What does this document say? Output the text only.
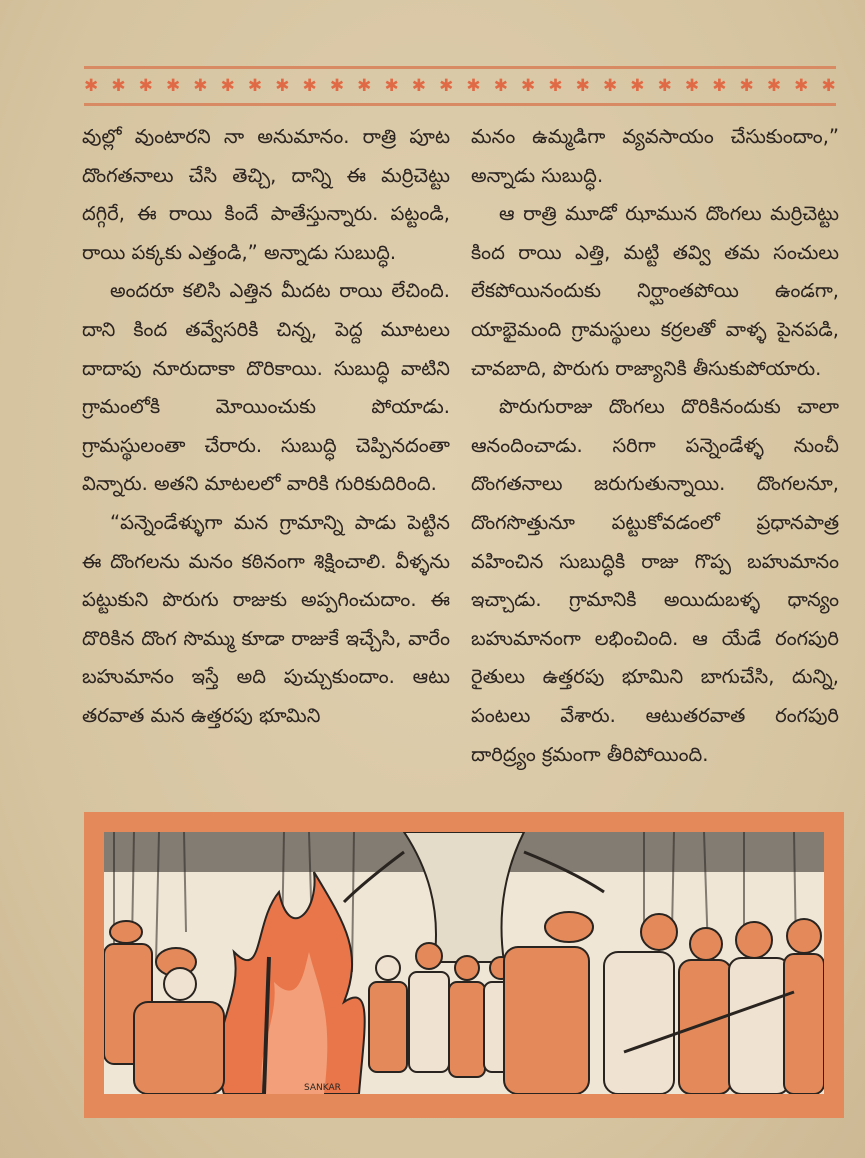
✱ ✱ ✱ ✱ ✱ ✱ ✱ ✱ ✱ ✱ ✱ ✱ ✱ ✱ ✱ ✱ ✱ ✱ ✱ ✱ ✱ ✱ ✱ ✱ ✱ ✱ ✱ ✱

వుల్లో వుంటారని నా అనుమానం. రాత్రి పూట దొంగతనాలు చేసి తెచ్చి, దాన్ని ఈ మర్రిచెట్టు దగ్గిరే, ఈ రాయి కిందే పాతేస్తున్నారు. పట్టండి, రాయి పక్కకు ఎత్తండి,” అన్నాడు సుబుద్ధి.

అందరూ కలిసి ఎత్తిన మీదట రాయి లేచింది. దాని కింద తవ్వేసరికి చిన్న, పెద్ద మూటలు దాదాపు నూరుదాకా దొరికాయి. సుబుద్ధి వాటిని గ్రామంలోకి మోయించుకు పోయాడు. గ్రామస్థులంతా చేరారు. సుబుద్ధి చెప్పినదంతా విన్నారు. అతని మాటలలో వారికి గురికుదిరింది.

“పన్నెండేళ్ళుగా మన గ్రామాన్ని పాడు పెట్టిన ఈ దొంగలను మనం కఠినంగా శిక్షించాలి. వీళ్ళను పట్టుకుని పొరుగు రాజుకు అప్పగించుదాం. ఈ దొరికిన దొంగ సొమ్ము కూడా రాజుకే ఇచ్చేసి, వారేం బహుమానం ఇస్తే అది పుచ్చుకుందాం. ఆటు తరవాత మన ఉత్తరపు భూమిని

మనం ఉమ్మడిగా వ్యవసాయం చేసుకుందాం,” అన్నాడు సుబుద్ధి.

ఆ రాత్రి మూడో ఝామున దొంగలు మర్రిచెట్టు కింద రాయి ఎత్తి, మట్టి తవ్వి తమ సంచులు లేకపోయినందుకు నిర్ఘాంతపోయి ఉండగా, యాభైమంది గ్రామస్థులు కర్రలతో వాళ్ళ పైనపడి, చావబాది, పొరుగు రాజ్యానికి తీసుకుపోయారు.

పొరుగురాజు దొంగలు దొరికినందుకు చాలా ఆనందించాడు. సరిగా పన్నెండేళ్ళ నుంచీ దొంగతనాలు జరుగుతున్నాయి. దొంగలనూ, దొంగసొత్తునూ పట్టుకోవడంలో ప్రధానపాత్ర వహించిన సుబుద్ధికి రాజు గొప్ప బహుమానం ఇచ్చాడు. గ్రామానికి అయిదుబళ్ళ ధాన్యం బహుమానంగా లభించింది. ఆ యేడే రంగపురి రైతులు ఉత్తరపు భూమిని బాగుచేసి, దున్ని, పంటలు వేశారు. ఆటుతరవాత రంగపురి దారిద్ర్యం క్రమంగా తీరిపోయింది.

SANKAR
